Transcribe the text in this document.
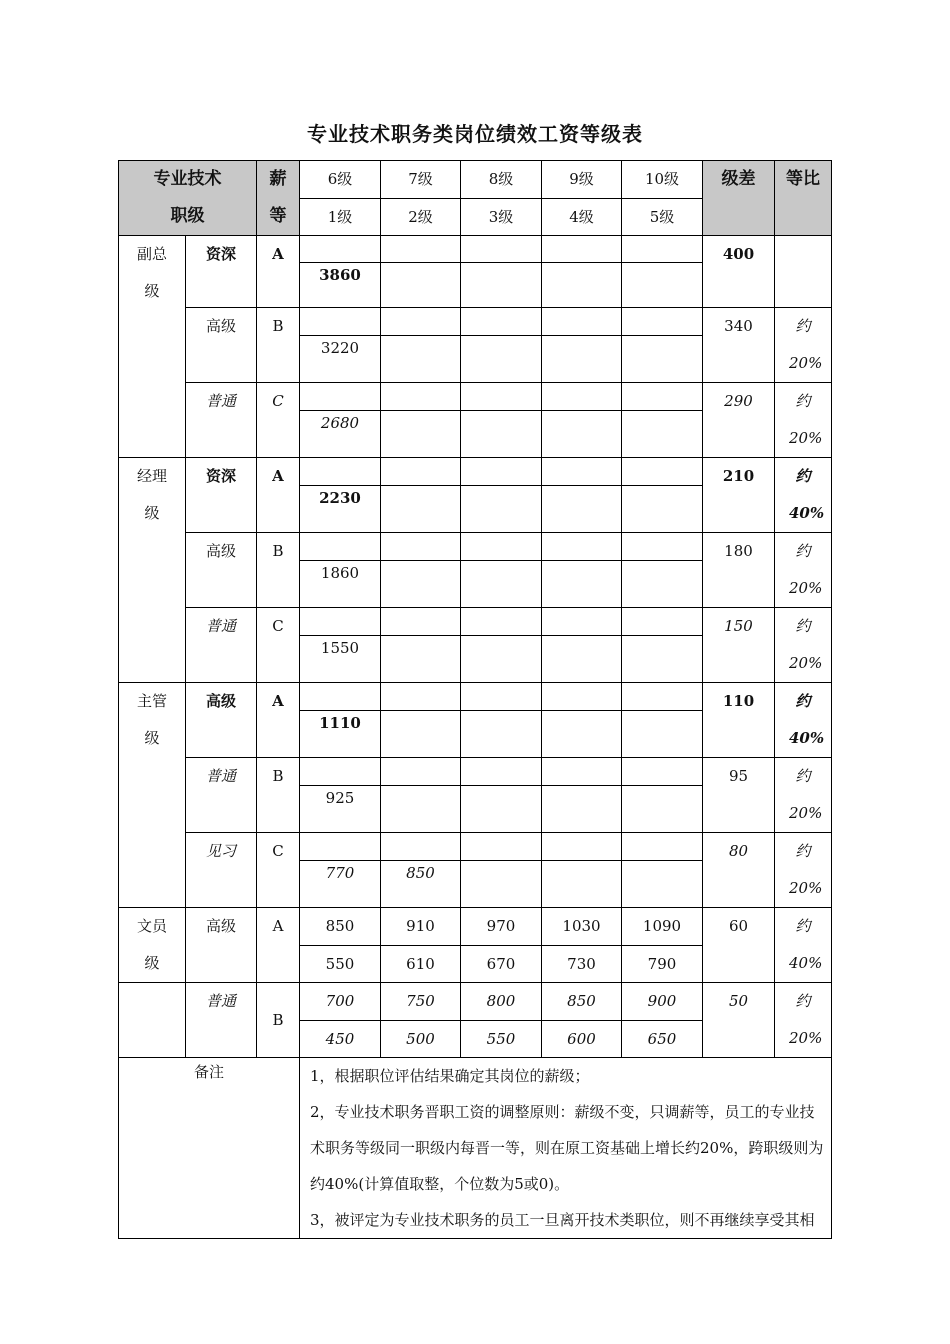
专业技术职务类岗位绩效工资等级表
专业技术职级		薪等	6级	7级	8级	9级	10级	级差	等比
			1级	2级	3级	4级	5级		
副总级	资深	A						400	
			3860						
	高级	B						340	约20%
			3220						
	普通	C						290	约20%
			2680						
经理级	资深	A						210	约40%
			2230						
	高级	B						180	约20%
			1860						
	普通	C						150	约20%
			1550						
主管级	高级	A						110	约40%
			1110						
	普通	B						95	约20%
			925						
	见习	C						80	约20%
			770	850					
文员级	高级	A	850	910	970	1030	1090	60	约40%
			550	610	670	730	790		
	普通	B	700	750	800	850	900	50	约20%
			450	500	550	600	650		
备注			1，根据职位评估结果确定其岗位的薪级；
2，专业技术职务晋职工资的调整原则：薪级不变，只调薪等，员工的专业技术职务等级同一职级内每晋一等，则在原工资基础上增长约20%，跨职级则为约40%(计算值取整，个位数为5或0)。
3，被评定为专业技术职务的员工一旦离开技术类职位，则不再继续享受其相						
